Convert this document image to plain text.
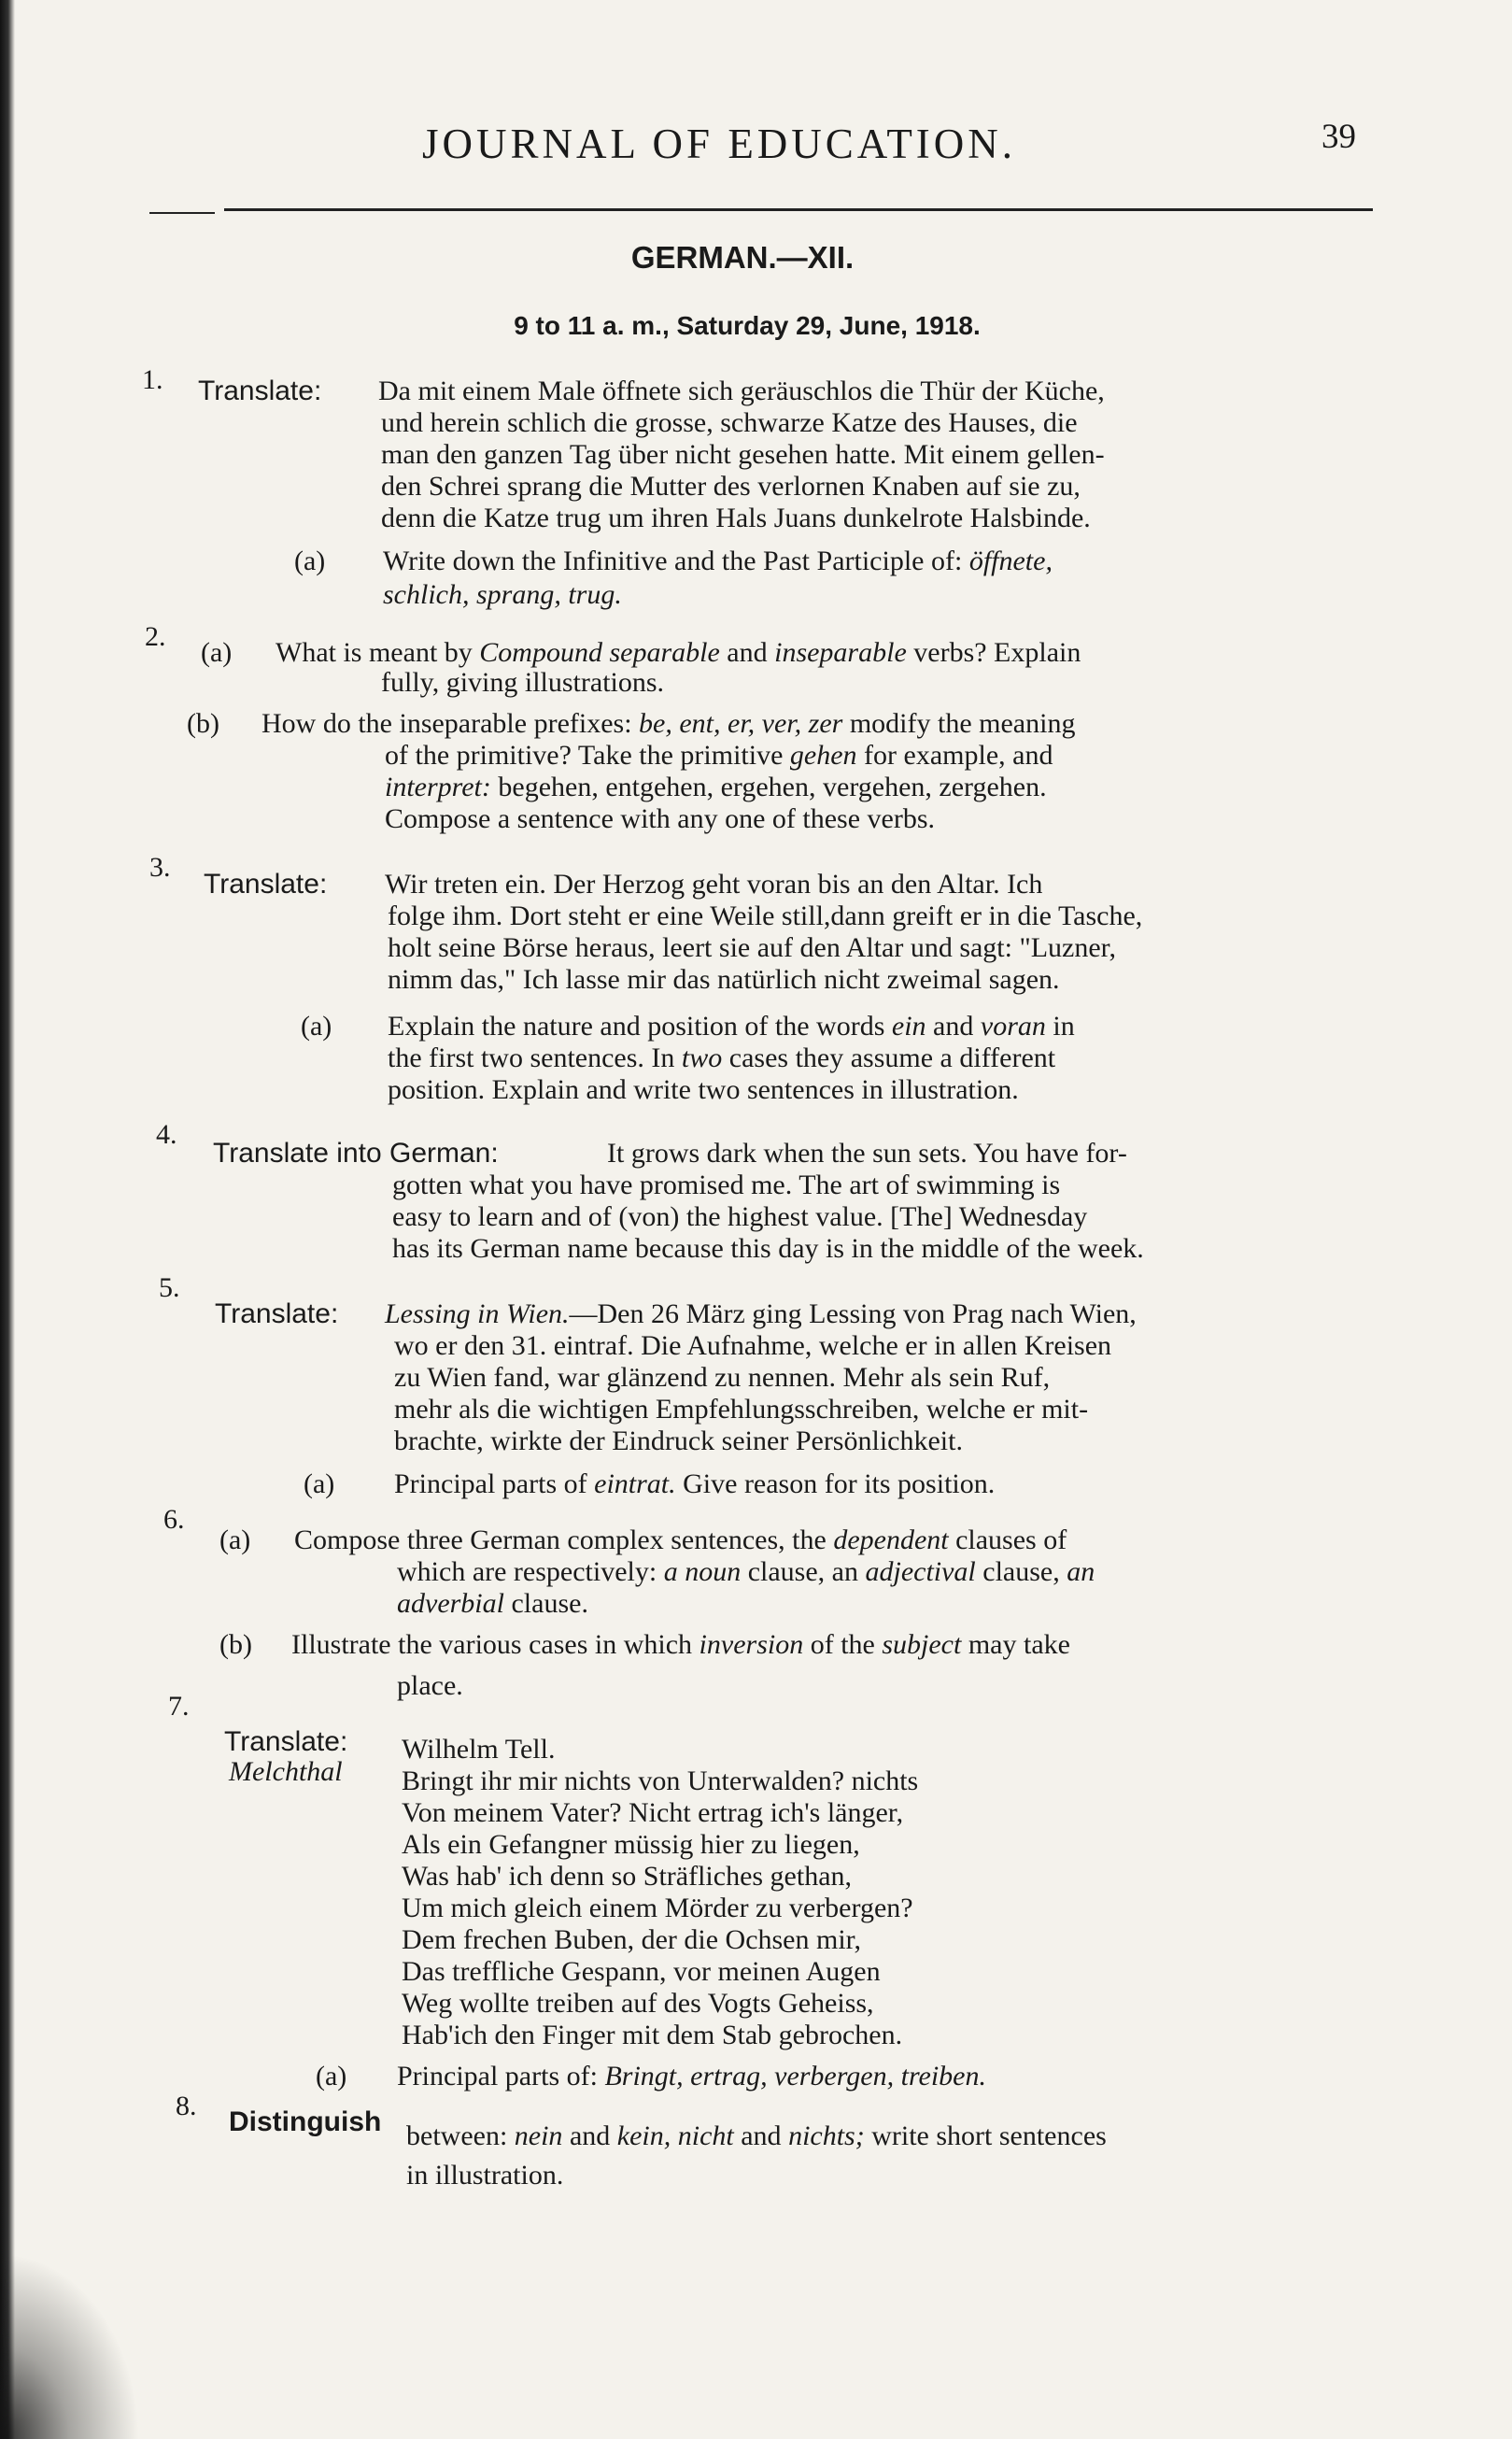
JOURNAL OF EDUCATION.	39
GERMAN.—XII.
9 to 11 a. m., Saturday 29, June, 1918.
1. Translate: Da mit einem Male öffnete sich geräuschlos die Thür der Küche,
und herein schlich die grosse, schwarze Katze des Hauses, die
man den ganzen Tag über nicht gesehen hatte. Mit einem gellen-
den Schrei sprang die Mutter des verlornen Knaben auf sie zu,
denn die Katze trug um ihren Hals Juans dunkelrote Halsbinde.
(a) Write down the Infinitive and the Past Participle of: öffnete,
schlich, sprang, trug.
2.
(a) What is meant by Compound separable and inseparable verbs? Explain
fully, giving illustrations.
(b) How do the inseparable prefixes: be, ent, er, ver, zer modify the meaning
of the primitive? Take the primitive gehen for example, and
interpret: begehen, entgehen, ergehen, vergehen, zergehen.
Compose a sentence with any one of these verbs.
3.
Translate: Wir treten ein. Der Herzog geht voran bis an den Altar. Ich
folge ihm. Dort steht er eine Weile still,dann greift er in die Tasche,
holt seine Börse heraus, leert sie auf den Altar und sagt: "Luzner,
nimm das," Ich lasse mir das natürlich nicht zweimal sagen.
(a) Explain the nature and position of the words ein and voran in
the first two sentences. In two cases they assume a different
position. Explain and write two sentences in illustration.
4.
Translate into German:	It grows dark when the sun sets. You have for-
gotten what you have promised me. The art of swimming is
easy to learn and of (von) the highest value. [The] Wednesday
has its German name because this day is in the middle of the week.
5.
Translate: Lessing in Wien.—Den 26 März ging Lessing von Prag nach Wien,
wo er den 31. eintraf. Die Aufnahme, welche er in allen Kreisen
zu Wien fand, war glänzend zu nennen. Mehr als sein Ruf,
mehr als die wichtigen Empfehlungsschreiben, welche er mit-
brachte, wirkte der Eindruck seiner Persönlichkeit.
(a) Principal parts of eintrat. Give reason for its position.
6.
(a) Compose three German complex sentences, the dependent clauses of
which are respectively: a noun clause, an adjectival clause, an
adverbial clause.
(b) Illustrate the various cases in which inversion of the subject may take
place.
7.
Translate:
Melchthal
Wilhelm Tell.
Bringt ihr mir nichts von Unterwalden? nichts
Von meinem Vater? Nicht ertrag ich's länger,
Als ein Gefangner müssig hier zu liegen,
Was hab' ich denn so Sträfliches gethan,
Um mich gleich einem Mörder zu verbergen?
Dem frechen Buben, der die Ochsen mir,
Das treffliche Gespann, vor meinen Augen
Weg wollte treiben auf des Vogts Geheiss,
Hab'ich den Finger mit dem Stab gebrochen.
(a) Principal parts of: Bringt, ertrag, verbergen, treiben.
8.
Distinguish between: nein and kein, nicht and nichts; write short sentences
in illustration.
